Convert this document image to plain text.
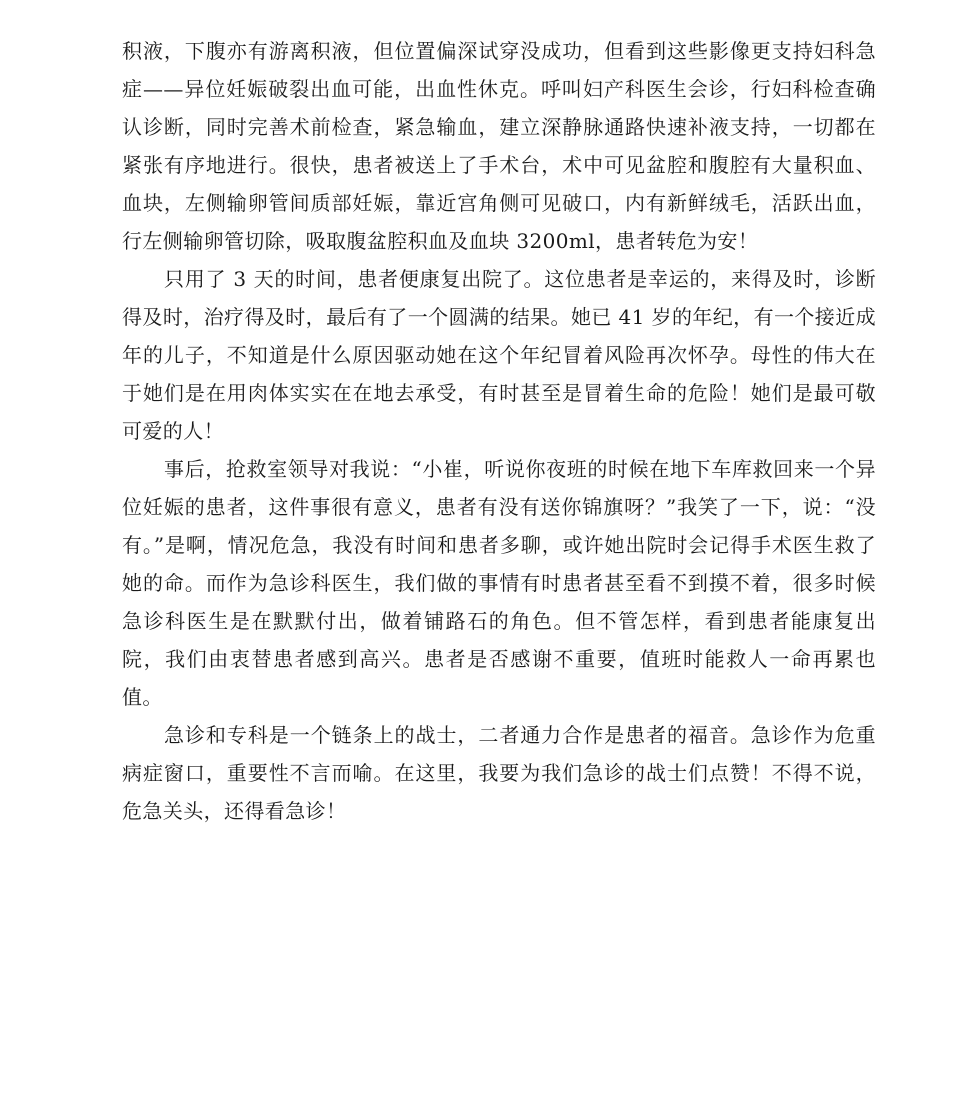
积液，下腹亦有游离积液，但位置偏深试穿没成功，但看到这些影像更支持妇科急症——异位妊娠破裂出血可能，出血性休克。呼叫妇产科医生会诊，行妇科检查确认诊断，同时完善术前检查，紧急输血，建立深静脉通路快速补液支持，一切都在紧张有序地进行。很快，患者被送上了手术台，术中可见盆腔和腹腔有大量积血、血块，左侧输卵管间质部妊娠，靠近宫角侧可见破口，内有新鲜绒毛，活跃出血，行左侧输卵管切除，吸取腹盆腔积血及血块 3200ml，患者转危为安！

只用了 3 天的时间，患者便康复出院了。这位患者是幸运的，来得及时，诊断得及时，治疗得及时，最后有了一个圆满的结果。她已 41 岁的年纪，有一个接近成年的儿子，不知道是什么原因驱动她在这个年纪冒着风险再次怀孕。母性的伟大在于她们是在用肉体实实在在地去承受，有时甚至是冒着生命的危险！她们是最可敬可爱的人！

事后，抢救室领导对我说：“小崔，听说你夜班的时候在地下车库救回来一个异位妊娠的患者，这件事很有意义，患者有没有送你锦旗呀？”我笑了一下，说：“没有。”是啊，情况危急，我没有时间和患者多聊，或许她出院时会记得手术医生救了她的命。而作为急诊科医生，我们做的事情有时患者甚至看不到摸不着，很多时候急诊科医生是在默默付出，做着铺路石的角色。但不管怎样，看到患者能康复出院，我们由衷替患者感到高兴。患者是否感谢不重要，值班时能救人一命再累也值。

急诊和专科是一个链条上的战士，二者通力合作是患者的福音。急诊作为危重病症窗口，重要性不言而喻。在这里，我要为我们急诊的战士们点赞！不得不说，危急关头，还得看急诊！
